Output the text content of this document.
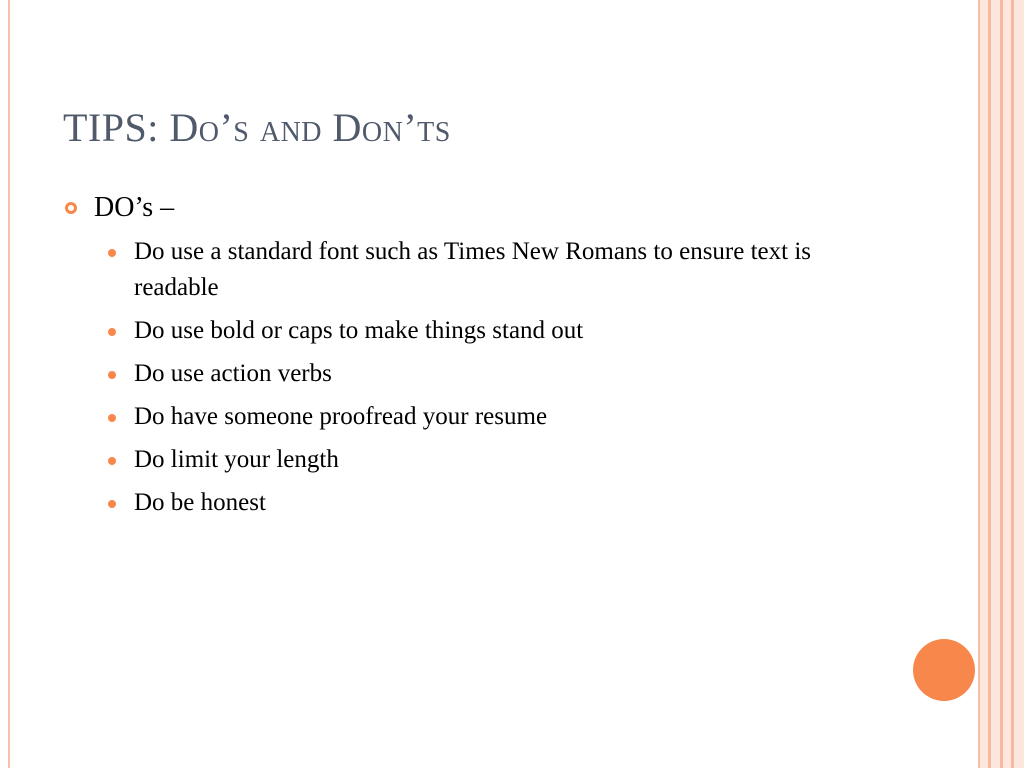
TIPS: Do’s and Don’ts
DO’s –
Do use a standard font such as Times New Romans to ensure text is readable
Do use bold or caps to make things stand out
Do use action verbs
Do have someone proofread your resume
Do limit your length
Do be honest
